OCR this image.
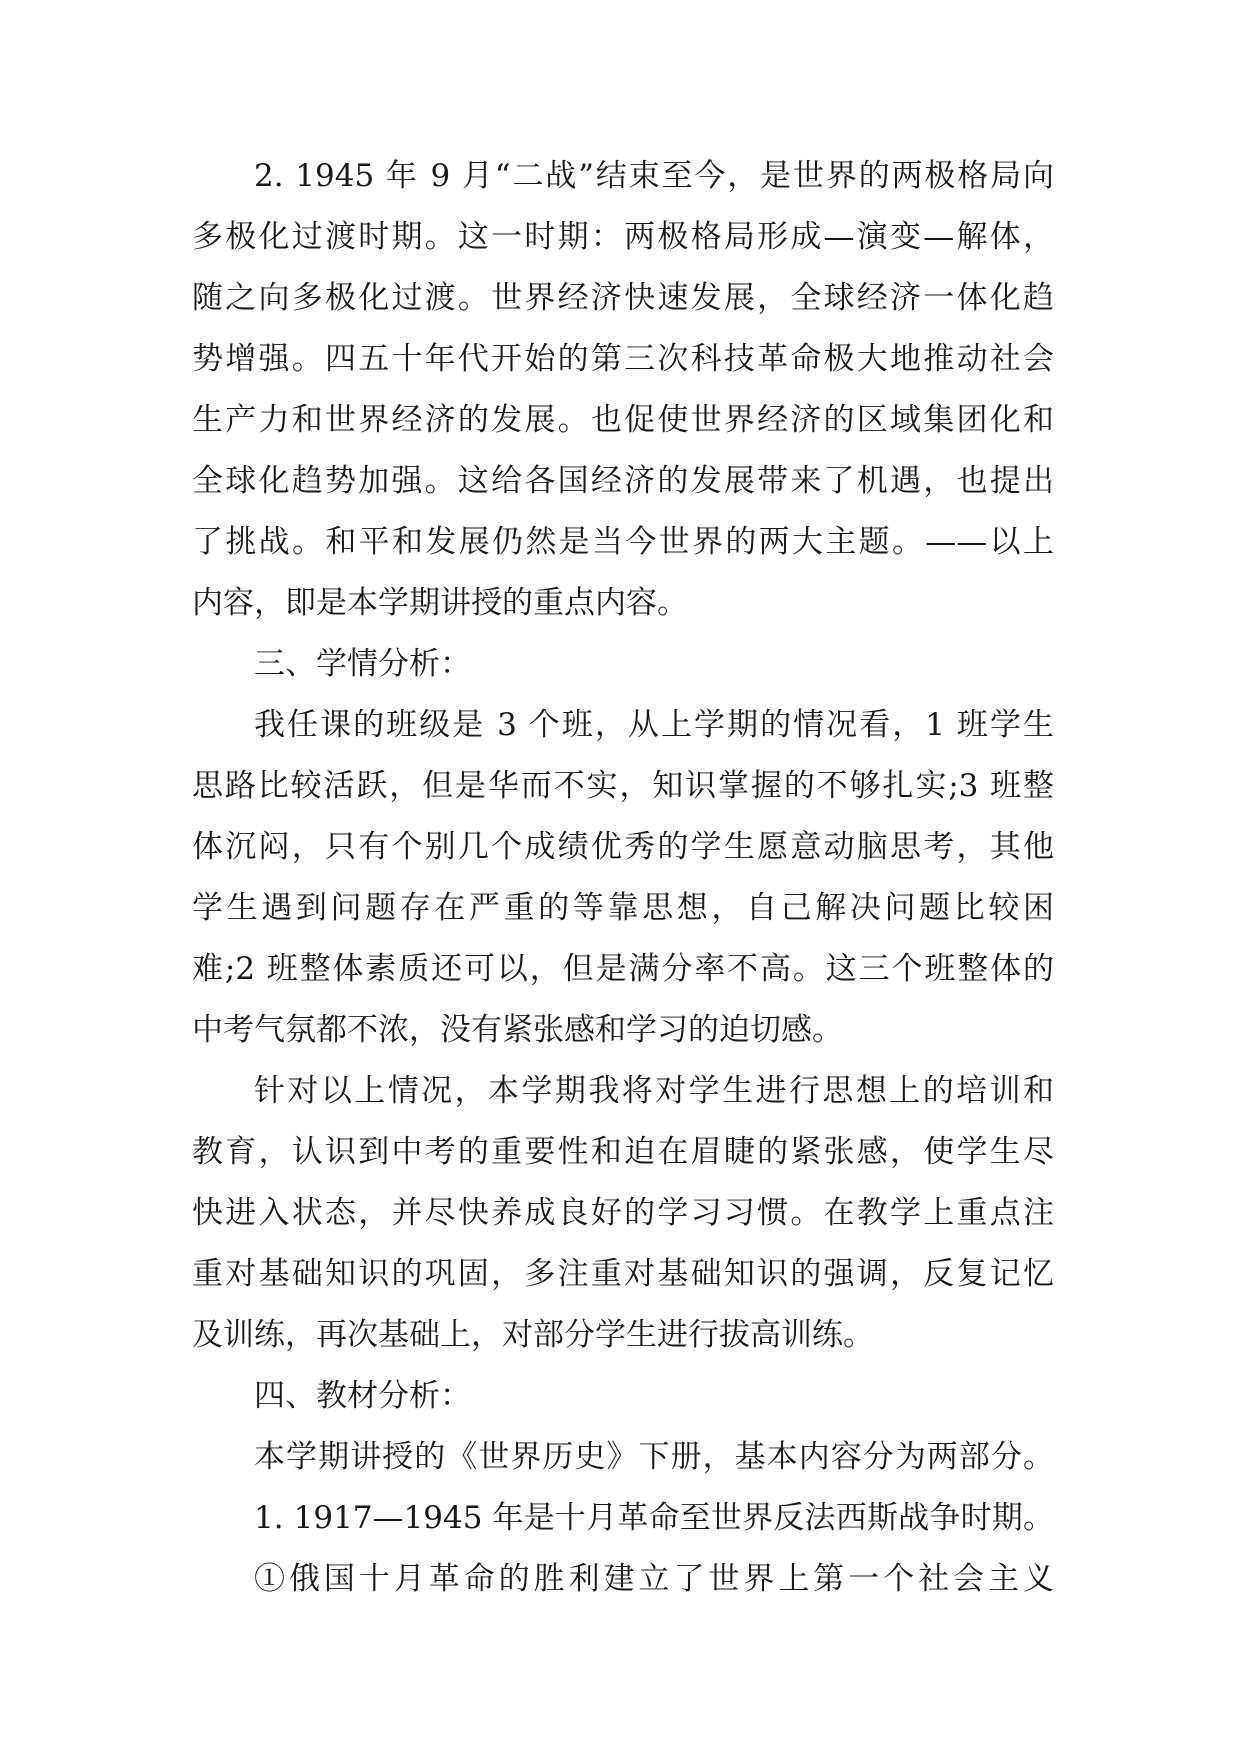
2. 1945 年 9 月“二战”结束至今，是世界的两极格局向
多极化过渡时期。这一时期：两极格局形成—演变—解体，
随之向多极化过渡。世界经济快速发展，全球经济一体化趋
势增强。四五十年代开始的第三次科技革命极大地推动社会
生产力和世界经济的发展。也促使世界经济的区域集团化和
全球化趋势加强。这给各国经济的发展带来了机遇，也提出
了挑战。和平和发展仍然是当今世界的两大主题。——以上
内容，即是本学期讲授的重点内容。
三、学情分析：
我任课的班级是 3 个班，从上学期的情况看，1 班学生
思路比较活跃，但是华而不实，知识掌握的不够扎实;3 班整
体沉闷，只有个别几个成绩优秀的学生愿意动脑思考，其他
学生遇到问题存在严重的等靠思想，自己解决问题比较困
难;2 班整体素质还可以，但是满分率不高。这三个班整体的
中考气氛都不浓，没有紧张感和学习的迫切感。
针对以上情况，本学期我将对学生进行思想上的培训和
教育，认识到中考的重要性和迫在眉睫的紧张感，使学生尽
快进入状态，并尽快养成良好的学习习惯。在教学上重点注
重对基础知识的巩固，多注重对基础知识的强调，反复记忆
及训练，再次基础上，对部分学生进行拔高训练。
四、教材分析：
本学期讲授的《世界历史》下册，基本内容分为两部分。
1. 1917—1945 年是十月革命至世界反法西斯战争时期。
①俄国十月革命的胜利建立了世界上第一个社会主义
